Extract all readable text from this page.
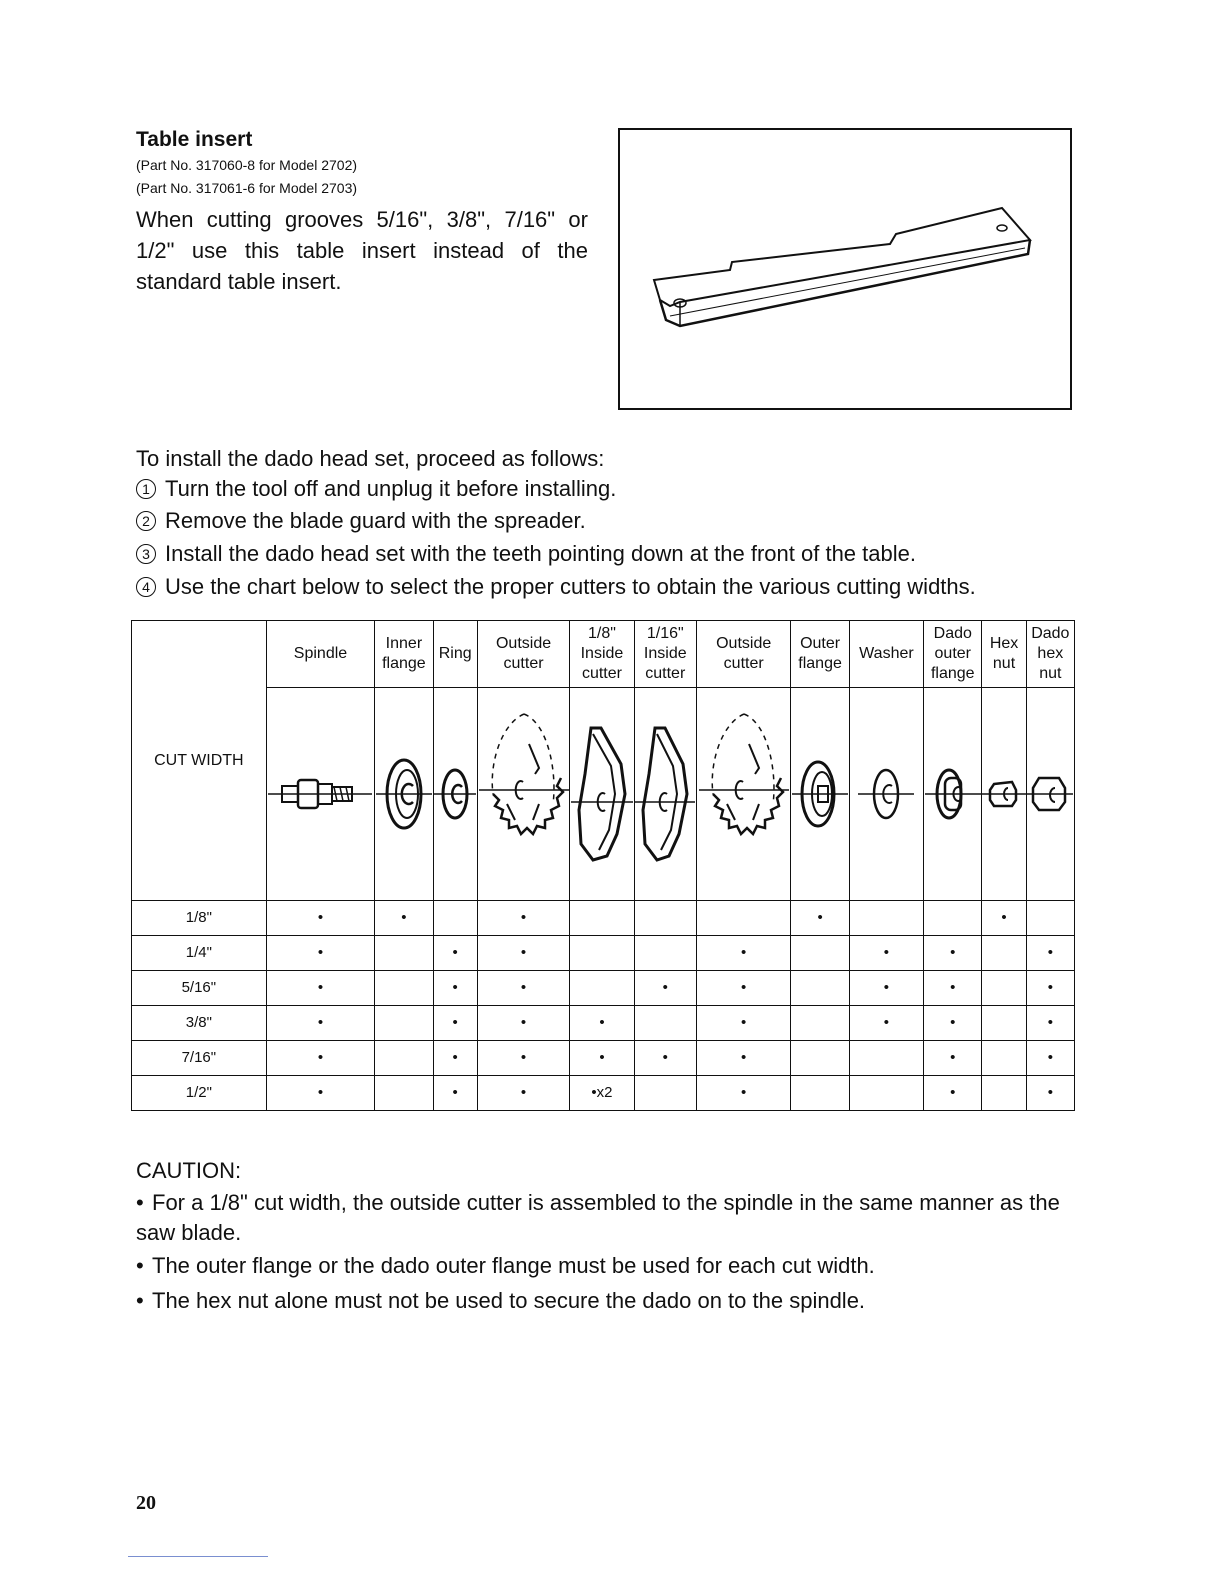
Table insert
(Part No. 317060-8 for Model 2702)
(Part No. 317061-6 for Model 2703)
When cutting grooves 5/16", 3/8", 7/16" or 1/2" use this table insert instead of the standard table insert.
To install the dado head set, proceed as follows:
1 Turn the tool off and unplug it before installing.
2 Remove the blade guard with the spreader.
3 Install the dado head set with the teeth pointing down at the front of the table.
4 Use the chart below to select the proper cutters to obtain the various cutting widths.
CUT WIDTH	Spindle	Inner flange	Ring	Outside cutter	1/8" Inside cutter	1/16" Inside cutter	Outside cutter	Outer flange	Washer	Dado outer flange	Hex nut	Dado hex nut

1/8"	•	•		•				•			•	
1/4"	•		•	•			•		•	•		•
5/16"	•		•	•		•	•		•	•		•
3/8"	•		•	•	•		•		•	•		•
7/16"	•		•	•	•	•	•			•		•
1/2"	•		•	•	•x2		•			•		•
CAUTION:
• For a 1/8" cut width, the outside cutter is assembled to the spindle in the same manner as the saw blade.
• The outer flange or the dado outer flange must be used for each cut width.
• The hex nut alone must not be used to secure the dado on to the spindle.
20
